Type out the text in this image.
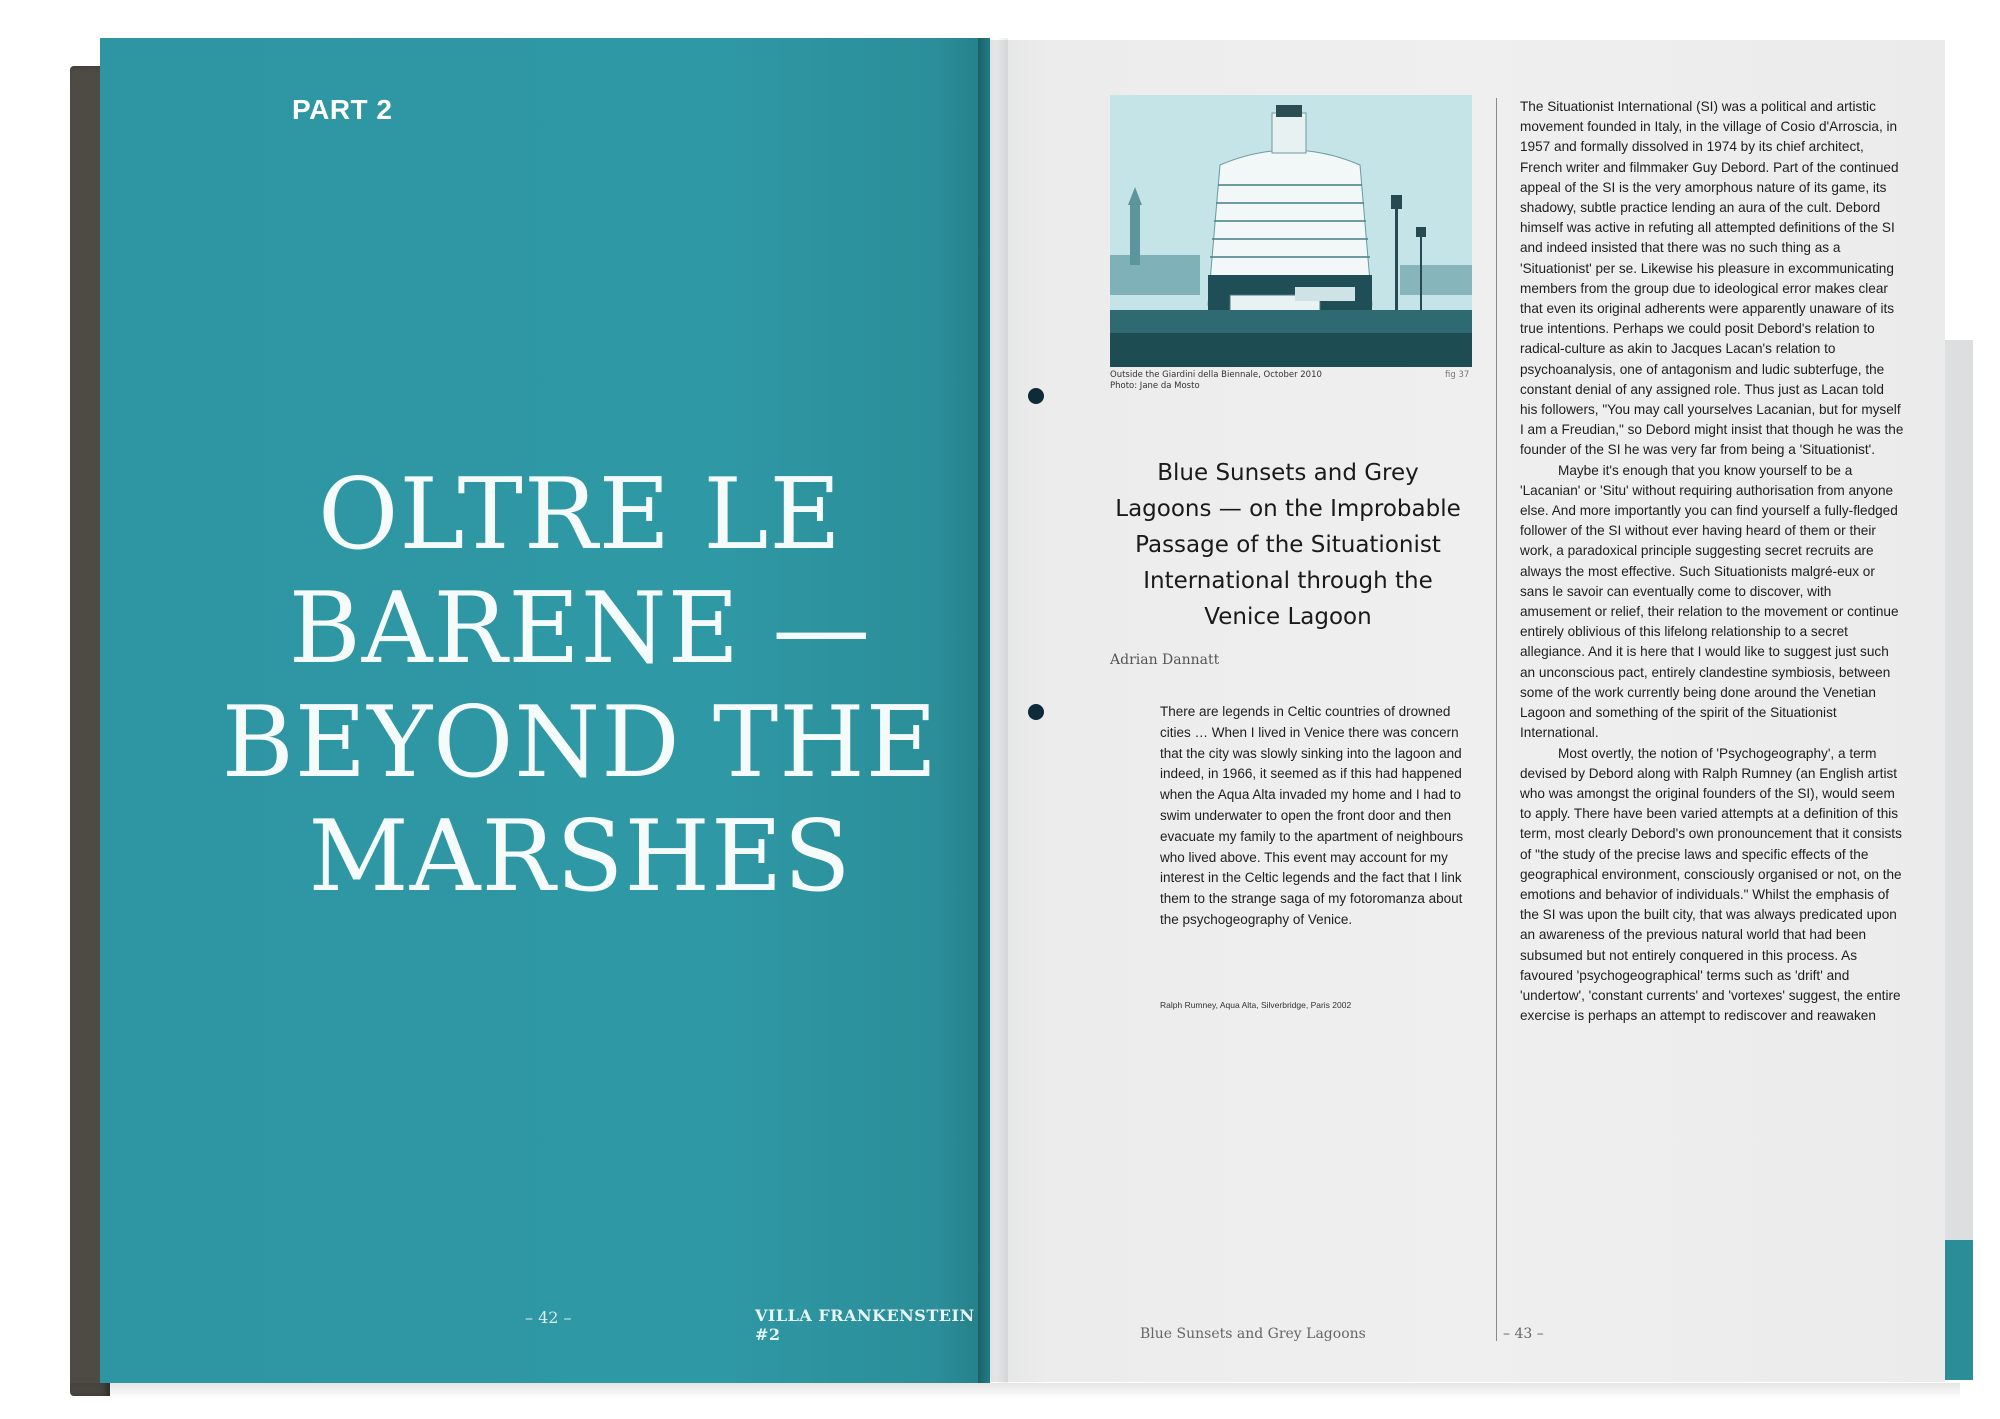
PART 2
OLTRE LE
BARENE —
BEYOND THE
MARSHES
– 42 –	VILLA FRANKENSTEIN #2
Outside the Giardini della Biennale, October 2010
Photo: Jane da Mosto
fig 37
Blue Sunsets and Grey Lagoons — on the Improbable Passage of the Situationist International through the Venice Lagoon
Adrian Dannatt
There are legends in Celtic countries of drowned cities … When I lived in Venice there was concern that the city was slowly sinking into the lagoon and indeed, in 1966, it seemed as if this had happened when the Aqua Alta invaded my home and I had to swim underwater to open the front door and then evacuate my family to the apartment of neighbours who lived above. This event may account for my interest in the Celtic legends and the fact that I link them to the strange saga of my fotoromanza about the psychogeography of Venice.
Ralph Rumney, Aqua Alta, Silverbridge, Paris 2002

The Situationist International (SI) was a political and artistic movement founded in Italy, in the village of Cosio d'Arroscia, in 1957 and formally dissolved in 1974 by its chief architect, French writer and filmmaker Guy Debord. Part of the continued appeal of the SI is the very amorphous nature of its game, its shadowy, subtle practice lending an aura of the cult. Debord himself was active in refuting all attempted definitions of the SI and indeed insisted that there was no such thing as a 'Situationist' per se. Likewise his pleasure in excommunicating members from the group due to ideological error makes clear that even its original adherents were apparently unaware of its true intentions. Perhaps we could posit Debord's relation to radical-culture as akin to Jacques Lacan's relation to psychoanalysis, one of antagonism and ludic subterfuge, the constant denial of any assigned role. Thus just as Lacan told his followers, "You may call yourselves Lacanian, but for myself I am a Freudian," so Debord might insist that though he was the founder of the SI he was very far from being a 'Situationist'.

Maybe it's enough that you know yourself to be a 'Lacanian' or 'Situ' without requiring authorisation from anyone else. And more importantly you can find yourself a fully-fledged follower of the SI without ever having heard of them or their work, a paradoxical principle suggesting secret recruits are always the most effective. Such Situationists malgré-eux or sans le savoir can eventually come to discover, with amusement or relief, their relation to the movement or continue entirely oblivious of this lifelong relationship to a secret allegiance. And it is here that I would like to suggest just such an unconscious pact, entirely clandestine symbiosis, between some of the work currently being done around the Venetian Lagoon and something of the spirit of the Situationist International.

Most overtly, the notion of 'Psychogeography', a term devised by Debord along with Ralph Rumney (an English artist who was amongst the original founders of the SI), would seem to apply. There have been varied attempts at a definition of this term, most clearly Debord's own pronouncement that it consists of "the study of the precise laws and specific effects of the geographical environment, consciously organised or not, on the emotions and behavior of individuals." Whilst the emphasis of the SI was upon the built city, that was always predicated upon an awareness of the previous natural world that had been subsumed but not entirely conquered in this process. As favoured 'psychogeographical' terms such as 'drift' and 'undertow', 'constant currents' and 'vortexes' suggest, the entire exercise is perhaps an attempt to rediscover and reawaken

Blue Sunsets and Grey Lagoons	– 43 –
